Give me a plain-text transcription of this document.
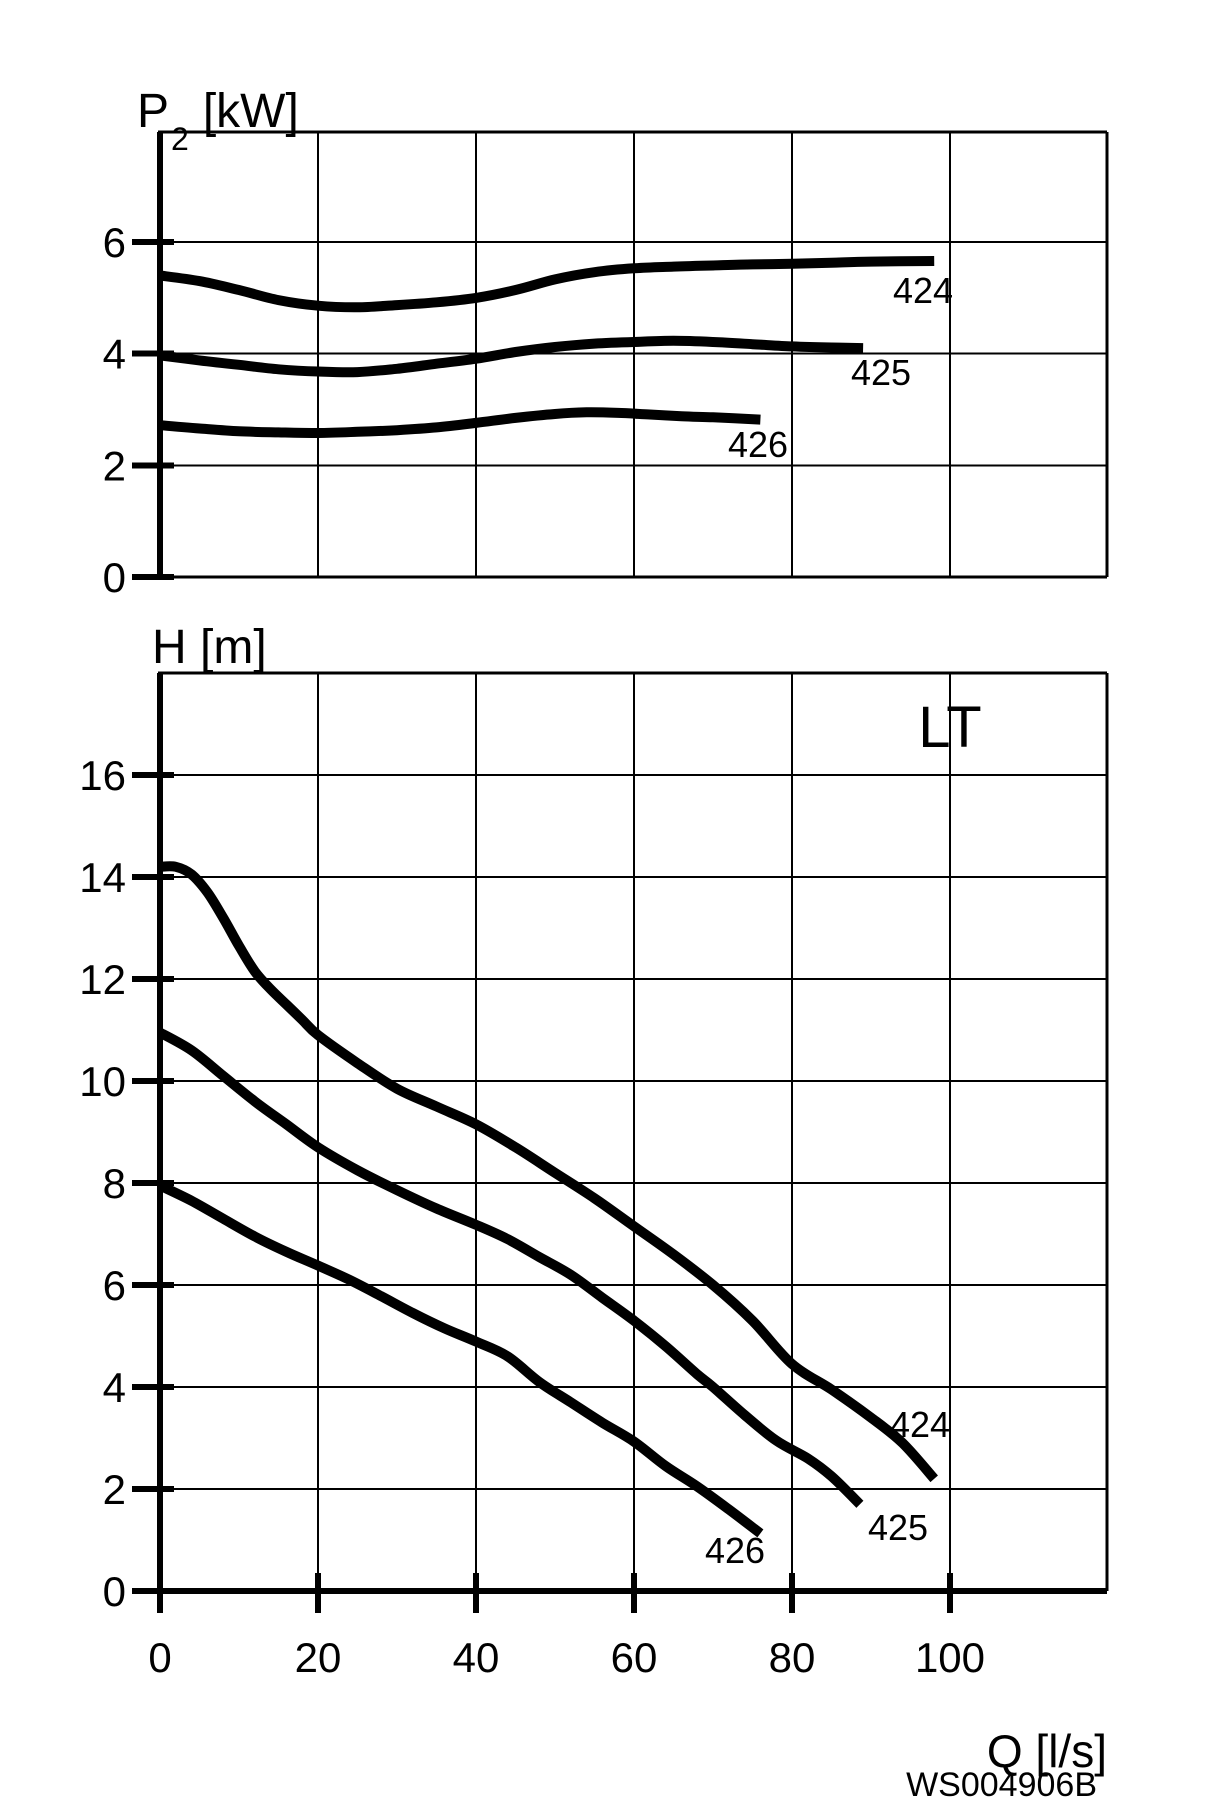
6
4
2
0
424
425
426
16
14
12
10
8
6
4
2
0
0	20	40	60	80 100
424
425
426
$P_2[kW]$
H [m]
LT
Q [l/s]
WS004906B
